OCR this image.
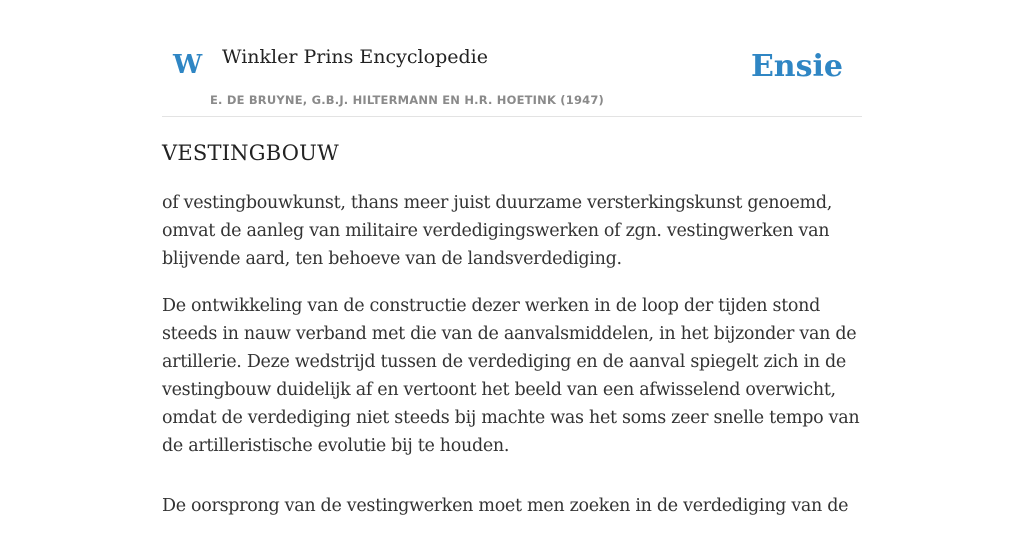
W Winkler Prins Encyclopedie
E. DE BRUYNE, G.B.J. HILTERMANN EN H.R. HOETINK (1947)
Ensie
VESTINGBOUW

of vestingbouwkunst, thans meer juist duurzame versterkingskunst genoemd, omvat de aanleg van militaire verdedigingswerken of zgn. vestingwerken van blijvende aard, ten behoeve van de landsverdediging.

De ontwikkeling van de constructie dezer werken in de loop der tijden stond steeds in nauw verband met die van de aanvalsmiddelen, in het bijzonder van de artillerie. Deze wedstrijd tussen de verdediging en de aanval spiegelt zich in de vestingbouw duidelijk af en vertoont het beeld van een afwisselend overwicht, omdat de verdediging niet steeds bij machte was het soms zeer snelle tempo van de artilleristische evolutie bij te houden.

De oorsprong van de vestingwerken moet men zoeken in de verdediging van de
